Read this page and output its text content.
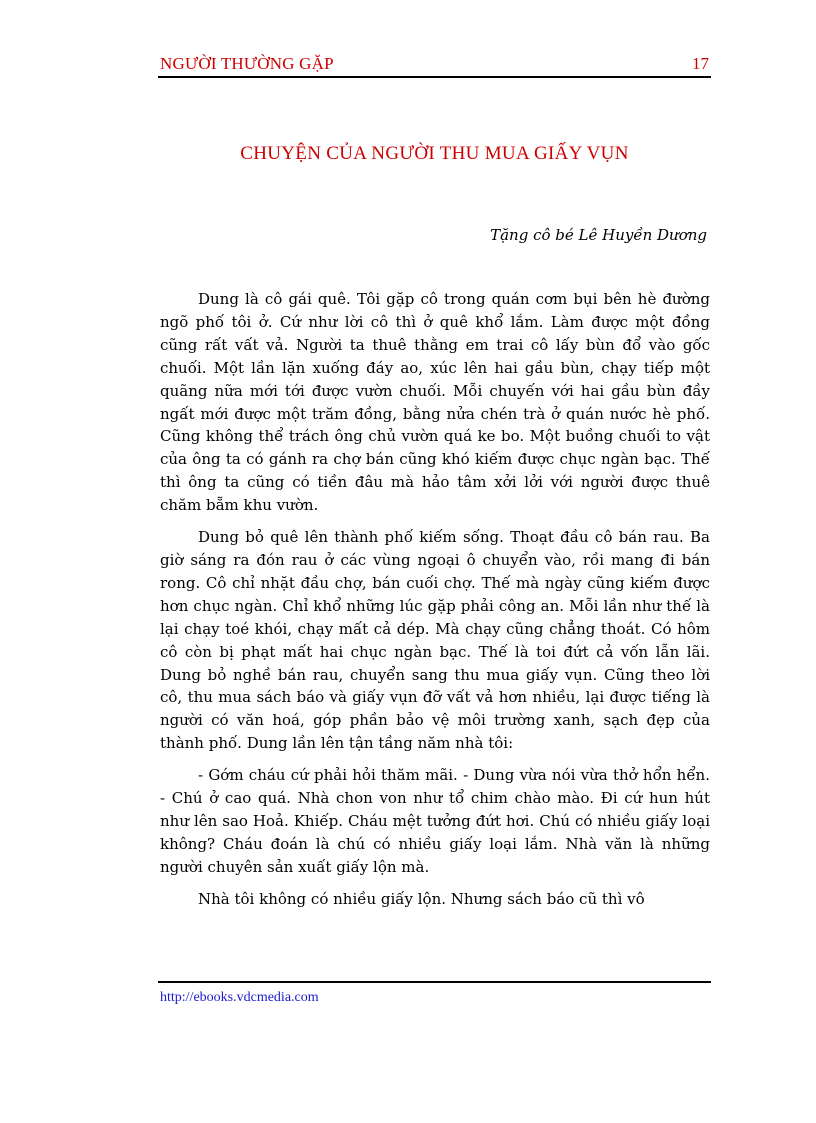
NGƯỜI THƯỜNG GẶP	17
CHUYỆN CỦA NGƯỜI THU MUA GIẤY VỤN
Tặng cô bé Lê Huyền Dương

Dung là cô gái quê. Tôi gặp cô trong quán cơm bụi bên hè đường ngõ phố tôi ở. Cứ như lời cô thì ở quê khổ lắm. Làm được một đồng cũng rất vất vả. Người ta thuê thằng em trai cô lấy bùn đổ vào gốc chuối. Một lần lặn xuống đáy ao, xúc lên hai gầu bùn, chạy tiếp một quãng nữa mới tới được vườn chuối. Mỗi chuyến với hai gầu bùn đầy ngất mới được một trăm đồng, bằng nửa chén trà ở quán nước hè phố. Cũng không thể trách ông chủ vườn quá ke bo. Một buồng chuối to vật của ông ta có gánh ra chợ bán cũng khó kiếm được chục ngàn bạc. Thế thì ông ta cũng có tiền đâu mà hảo tâm xởi lởi với người được thuê chăm bẵm khu vườn.

Dung bỏ quê lên thành phố kiếm sống. Thoạt đầu cô bán rau. Ba giờ sáng ra đón rau ở các vùng ngoại ô chuyển vào, rồi mang đi bán rong. Cô chỉ nhặt đầu chợ, bán cuối chợ. Thế mà ngày cũng kiếm được hơn chục ngàn. Chỉ khổ những lúc gặp phải công an. Mỗi lần như thế là lại chạy toé khói, chạy mất cả dép. Mà chạy cũng chẳng thoát. Có hôm cô còn bị phạt mất hai chục ngàn bạc. Thế là toi đứt cả vốn lẫn lãi. Dung bỏ nghề bán rau, chuyển sang thu mua giấy vụn. Cũng theo lời cô, thu mua sách báo và giấy vụn đỡ vất vả hơn nhiều, lại được tiếng là người có văn hoá, góp phần bảo vệ môi trường xanh, sạch đẹp của thành phố. Dung lần lên tận tầng năm nhà tôi:

- Gớm cháu cứ phải hỏi thăm mãi. - Dung vừa nói vừa thở hổn hển. - Chú ở cao quá. Nhà chon von như tổ chim chào mào. Đi cứ hun hút như lên sao Hoả. Khiếp. Cháu mệt tưởng đứt hơi. Chú có nhiều giấy loại không? Cháu đoán là chú có nhiều giấy loại lắm. Nhà văn là những người chuyên sản xuất giấy lộn mà.

Nhà tôi không có nhiều giấy lộn. Nhưng sách báo cũ thì vô

http://ebooks.vdcmedia.com
